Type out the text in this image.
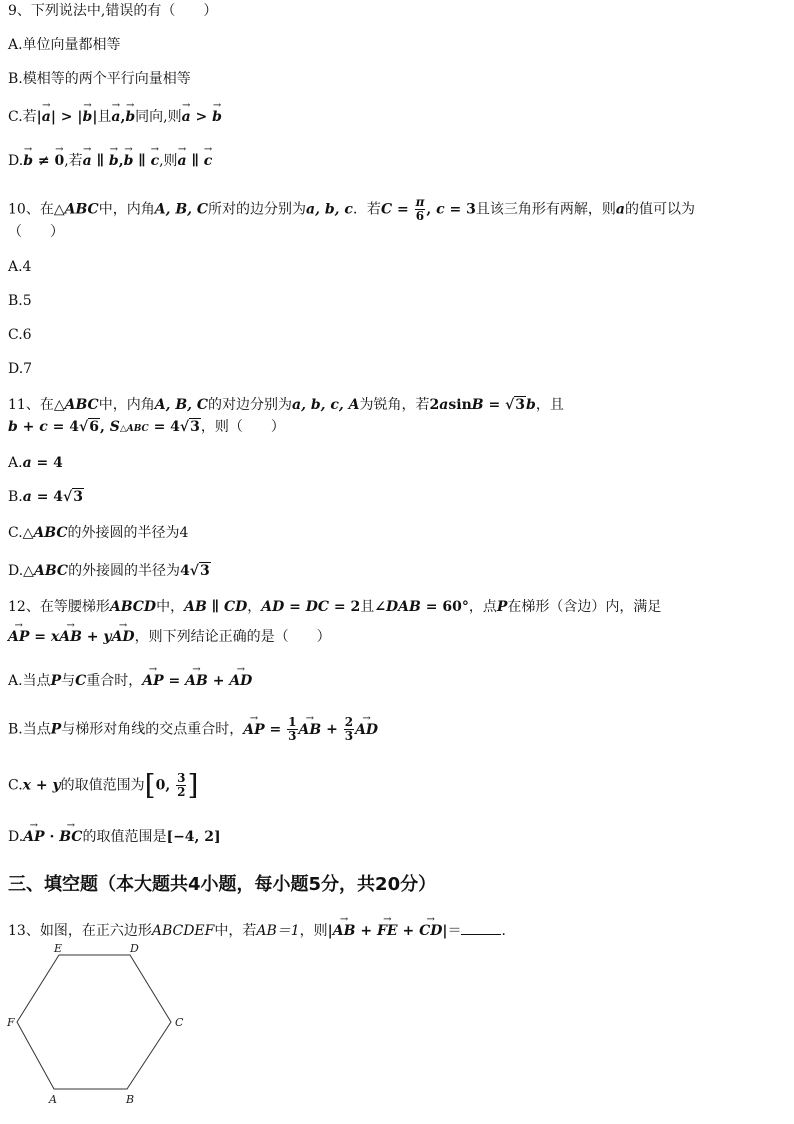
9、下列说法中,错误的有（　　）
A.单位向量都相等
B.模相等的两个平行向量相等
C.若|→ a| > |→ b|且→ a,→ b同向,则→ a > → b
D.→ b ≠ → 0,若→ a ∥ → b,→ b ∥ → c,则→ a ∥ → c
10、在△ABC中，内角A, B, C所对的边分别为a, b, c．若$C = \frac{\pi}{6}$ , c = 3且该三角形有两解，则a的值可以为
（　　）
A.4
B.5
C.6
D.7
11、在△ABC中，内角A, B, C的对边分别为a, b, c, A为锐角，若2asinB = √3b，且
b + c = 4√6, S△ABC = 4√3，则（　　）
A.a = 4
B.a = 4√3
C.△ABC的外接圆的半径为4
D.△ABC的外接圆的半径为4√3
12、在等腰梯形ABCD中，AB ∥ CD，AD = DC = 2且∠DAB = 60°，点P在梯形（含边）内，满足
→ AP = x→ AB + y→ AD，则下列结论正确的是（　　）
A.当点P与C重合时，→ AP = → AB + → AD
B.当点P与梯形对角线的交点重合时，→ AP = $\frac{1}{3}$ → AB + $\frac{2}{3}$ → AD
C.x + y的取值范围为[0, $\frac{3}{2}$ ]
D.→ AP · → BC的取值范围是[−4, 2]
三、填空题（本大题共4小题，每小题5分，共20分）
13、如图，在正六边形ABCDEF中，若AB＝1，则|→ AB + → FE + → CD|＝	．
A	B
C
D
E
F
